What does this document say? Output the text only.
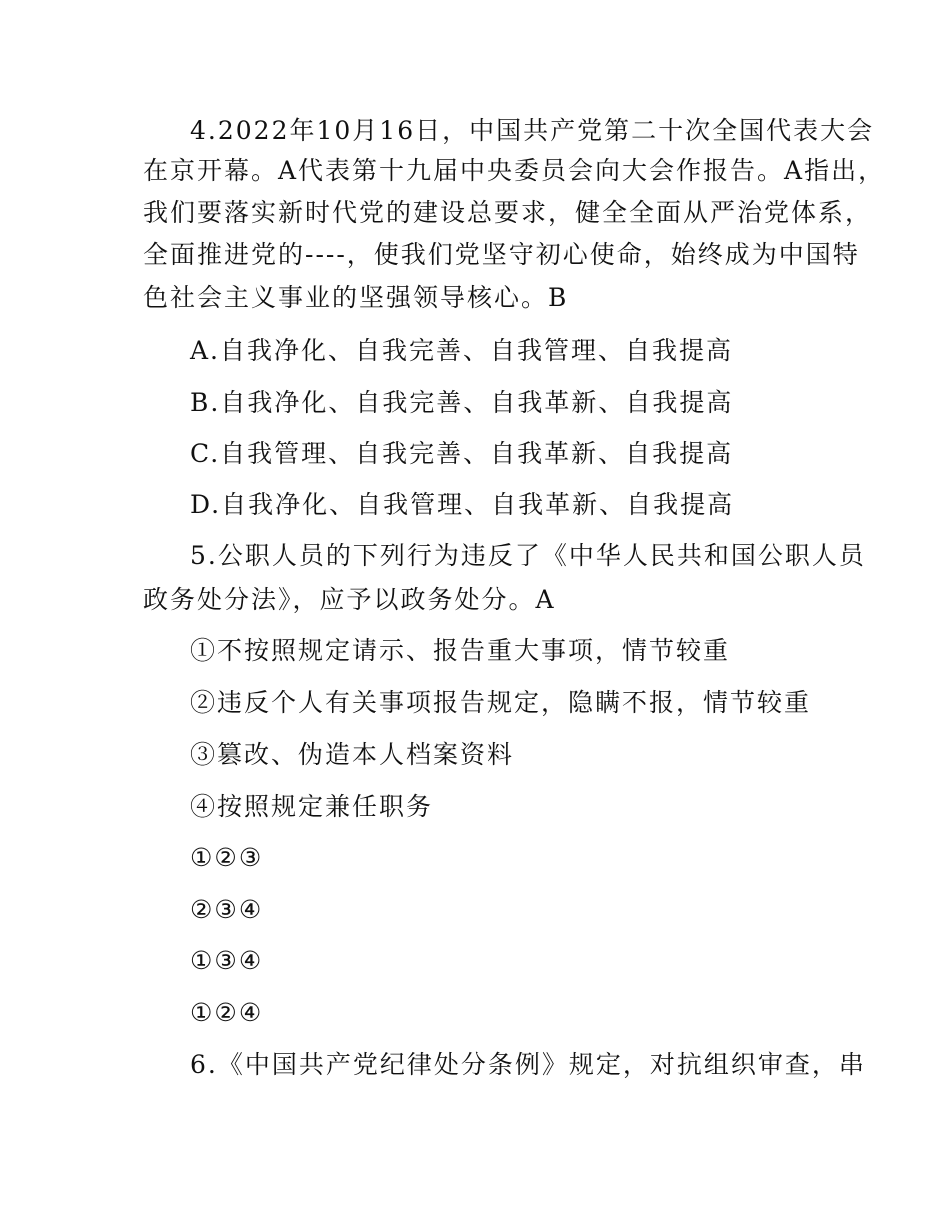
4.2022年10月16日，中国共产党第二十次全国代表大会
在京开幕。A代表第十九届中央委员会向大会作报告。A指出，
我们要落实新时代党的建设总要求，健全全面从严治党体系，
全面推进党的----，使我们党坚守初心使命，始终成为中国特
色社会主义事业的坚强领导核心。B
A.自我净化、自我完善、自我管理、自我提高
B.自我净化、自我完善、自我革新、自我提高
C.自我管理、自我完善、自我革新、自我提高
D.自我净化、自我管理、自我革新、自我提高
5.公职人员的下列行为违反了《中华人民共和国公职人员
政务处分法》，应予以政务处分。A
①不按照规定请示、报告重大事项，情节较重
②违反个人有关事项报告规定，隐瞒不报，情节较重
③篡改、伪造本人档案资料
④按照规定兼任职务
①②③
②③④
①③④
①②④
6.《中国共产党纪律处分条例》规定，对抗组织审查，串
